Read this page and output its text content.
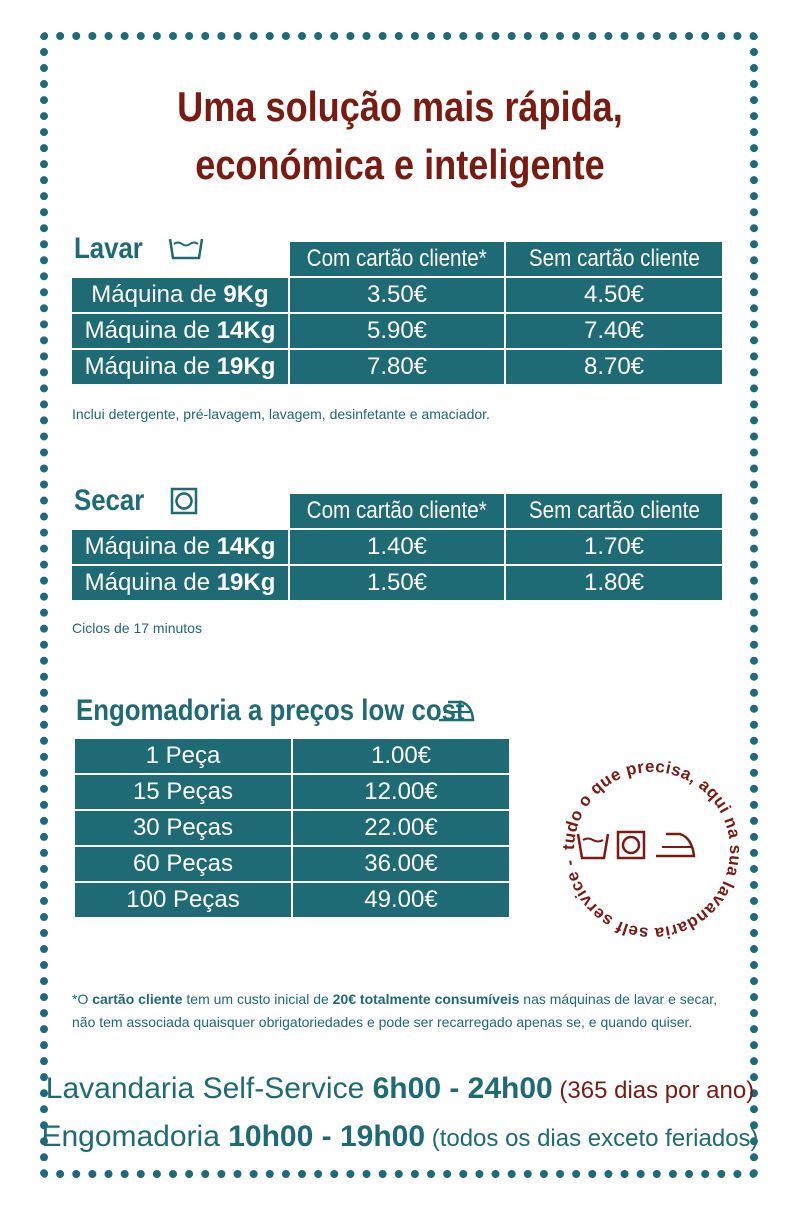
Uma solução mais rápida,
económica e inteligente
Lavar
		Com cartão cliente*	Sem cartão cliente
Máquina de 9Kg	3.50€	4.50€
Máquina de 14Kg	5.90€	7.40€
Máquina de 19Kg	7.80€	8.70€
Inclui detergente, pré-lavagem, lavagem, desinfetante e amaciador.
Secar
		Com cartão cliente*	Sem cartão cliente
Máquina de 14Kg	1.40€	1.70€
Máquina de 19Kg	1.50€	1.80€
Ciclos de 17 minutos
Engomadoria a preços low cost
1 Peça	1.00€
15 Peças	12.00€
30 Peças	22.00€
60 Peças	36.00€
100 Peças	49.00€
tudo o que precisa, aqui na sua lavandaria self service -
*O cartão cliente tem um custo inicial de 20€ totalmente consumíveis nas máquinas de lavar e secar,
não tem associada quaisquer obrigatoriedades e pode ser recarregado apenas se, e quando quiser.
Lavandaria Self-Service 6h00 - 24h00 (365 dias por ano)
Engomadoria 10h00 - 19h00 (todos os dias exceto feriados)
